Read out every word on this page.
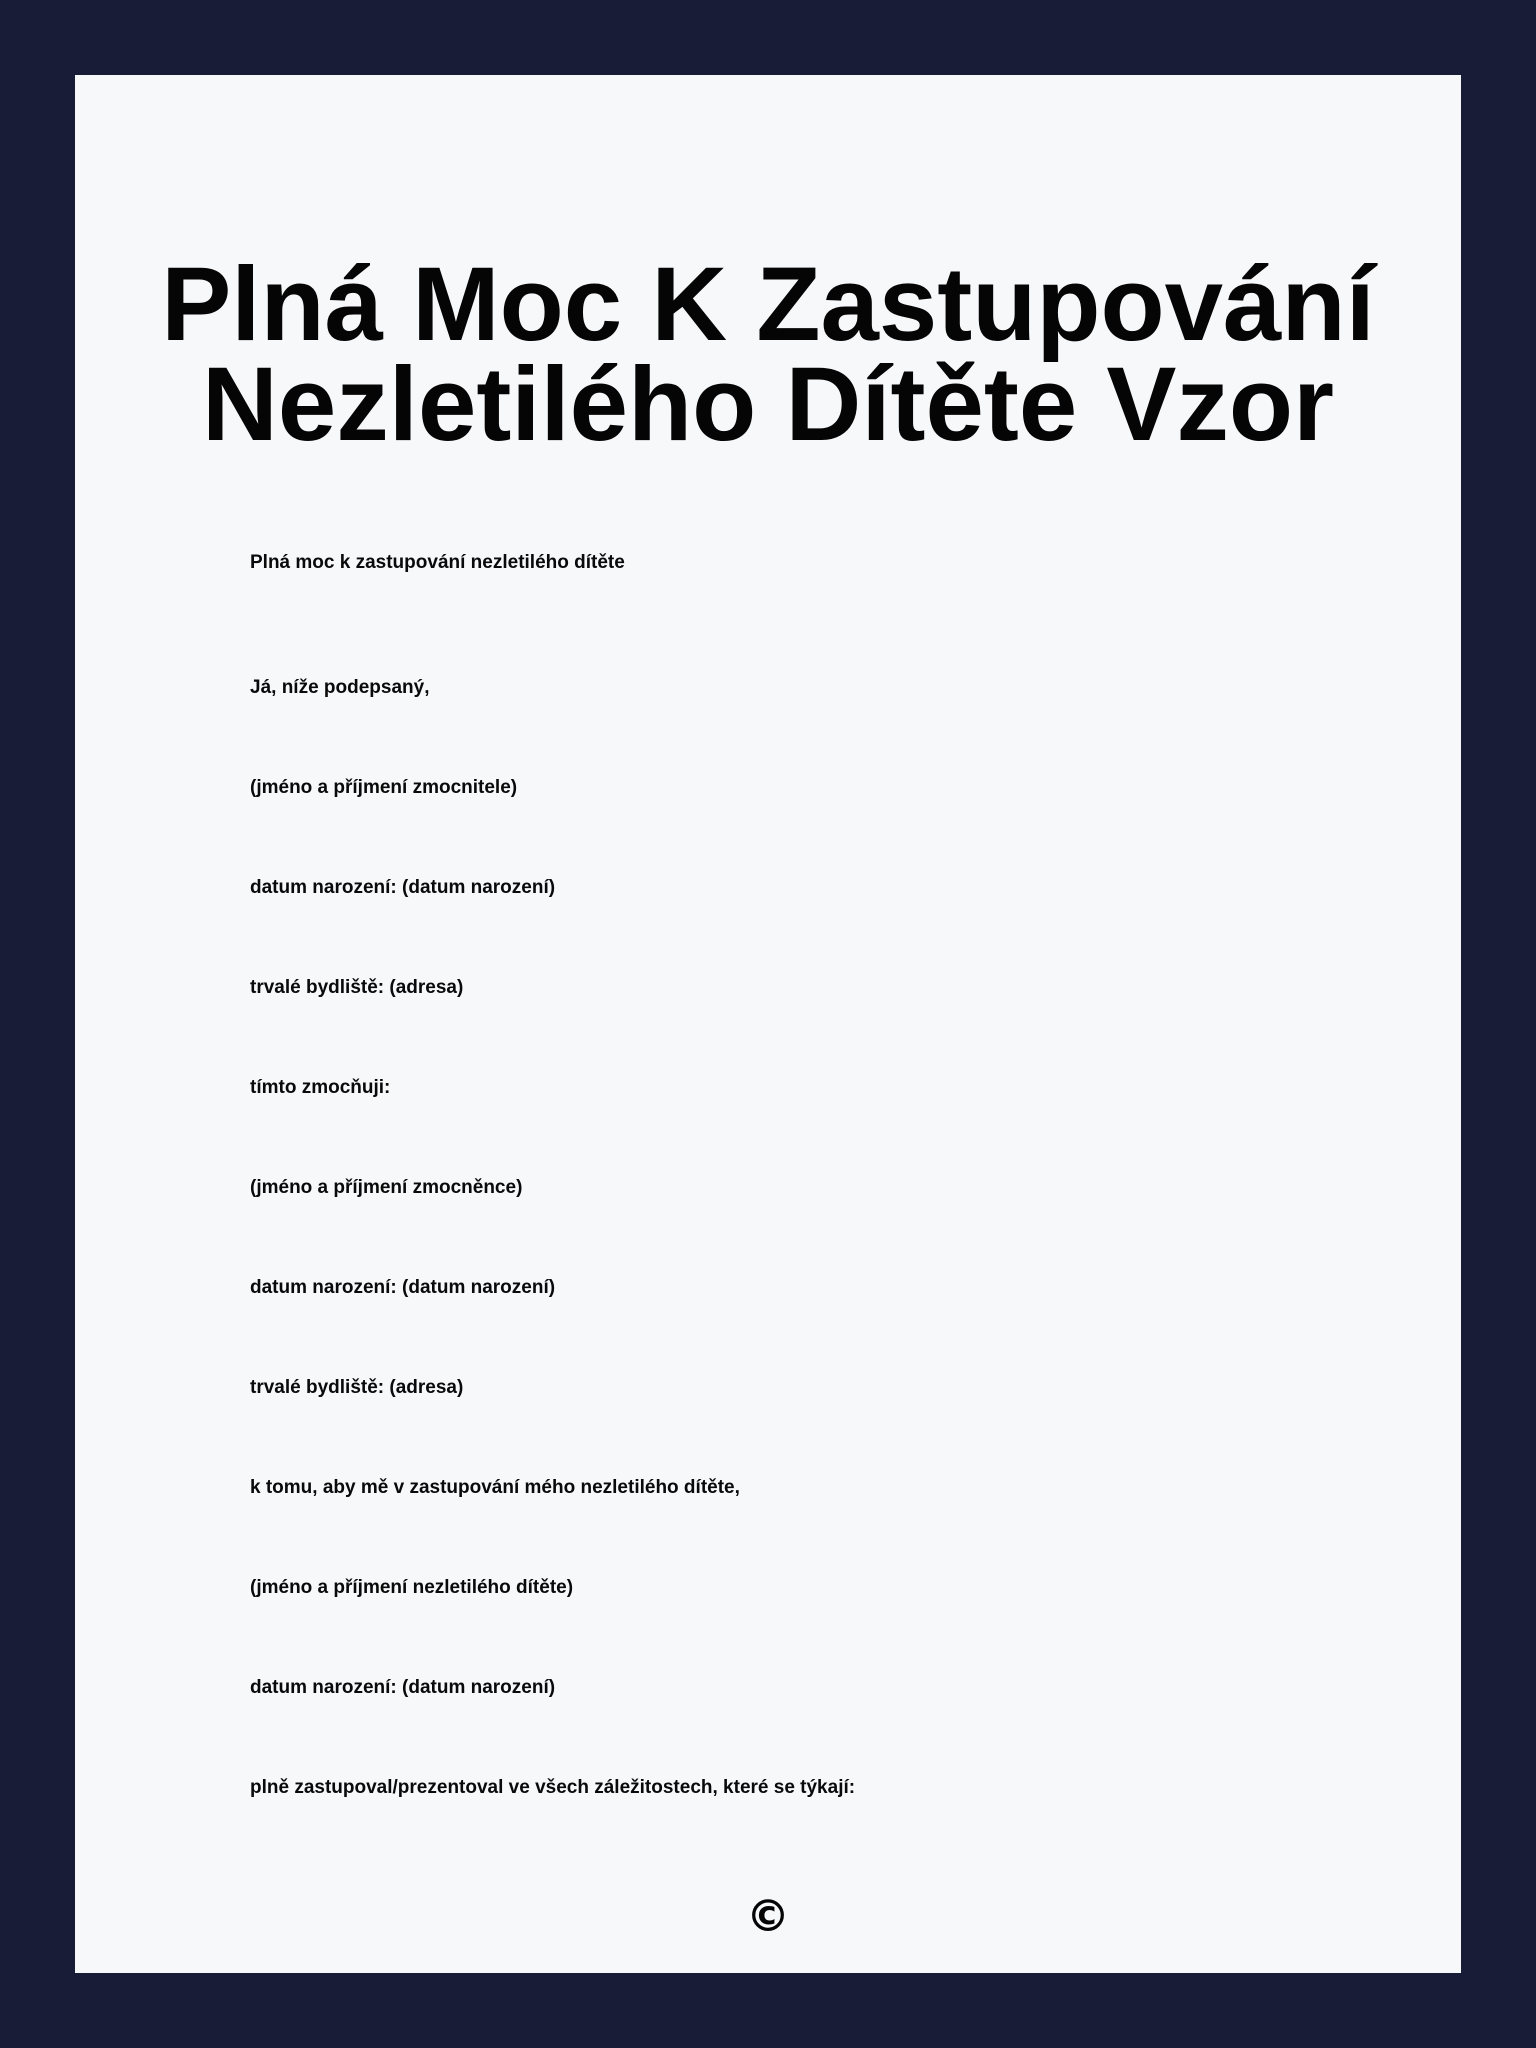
Plná Moc K Zastupování
Nezletilého Dítěte Vzor

Plná moc k zastupování nezletilého dítěte

Já, níže podepsaný,

(jméno a příjmení zmocnitele)

datum narození: (datum narození)

trvalé bydliště: (adresa)

tímto zmocňuji:

(jméno a příjmení zmocněnce)

datum narození: (datum narození)

trvalé bydliště: (adresa)

k tomu, aby mě v zastupování mého nezletilého dítěte,

(jméno a příjmení nezletilého dítěte)

datum narození: (datum narození)

plně zastupoval/prezentoval ve všech záležitostech, které se týkají:

©
